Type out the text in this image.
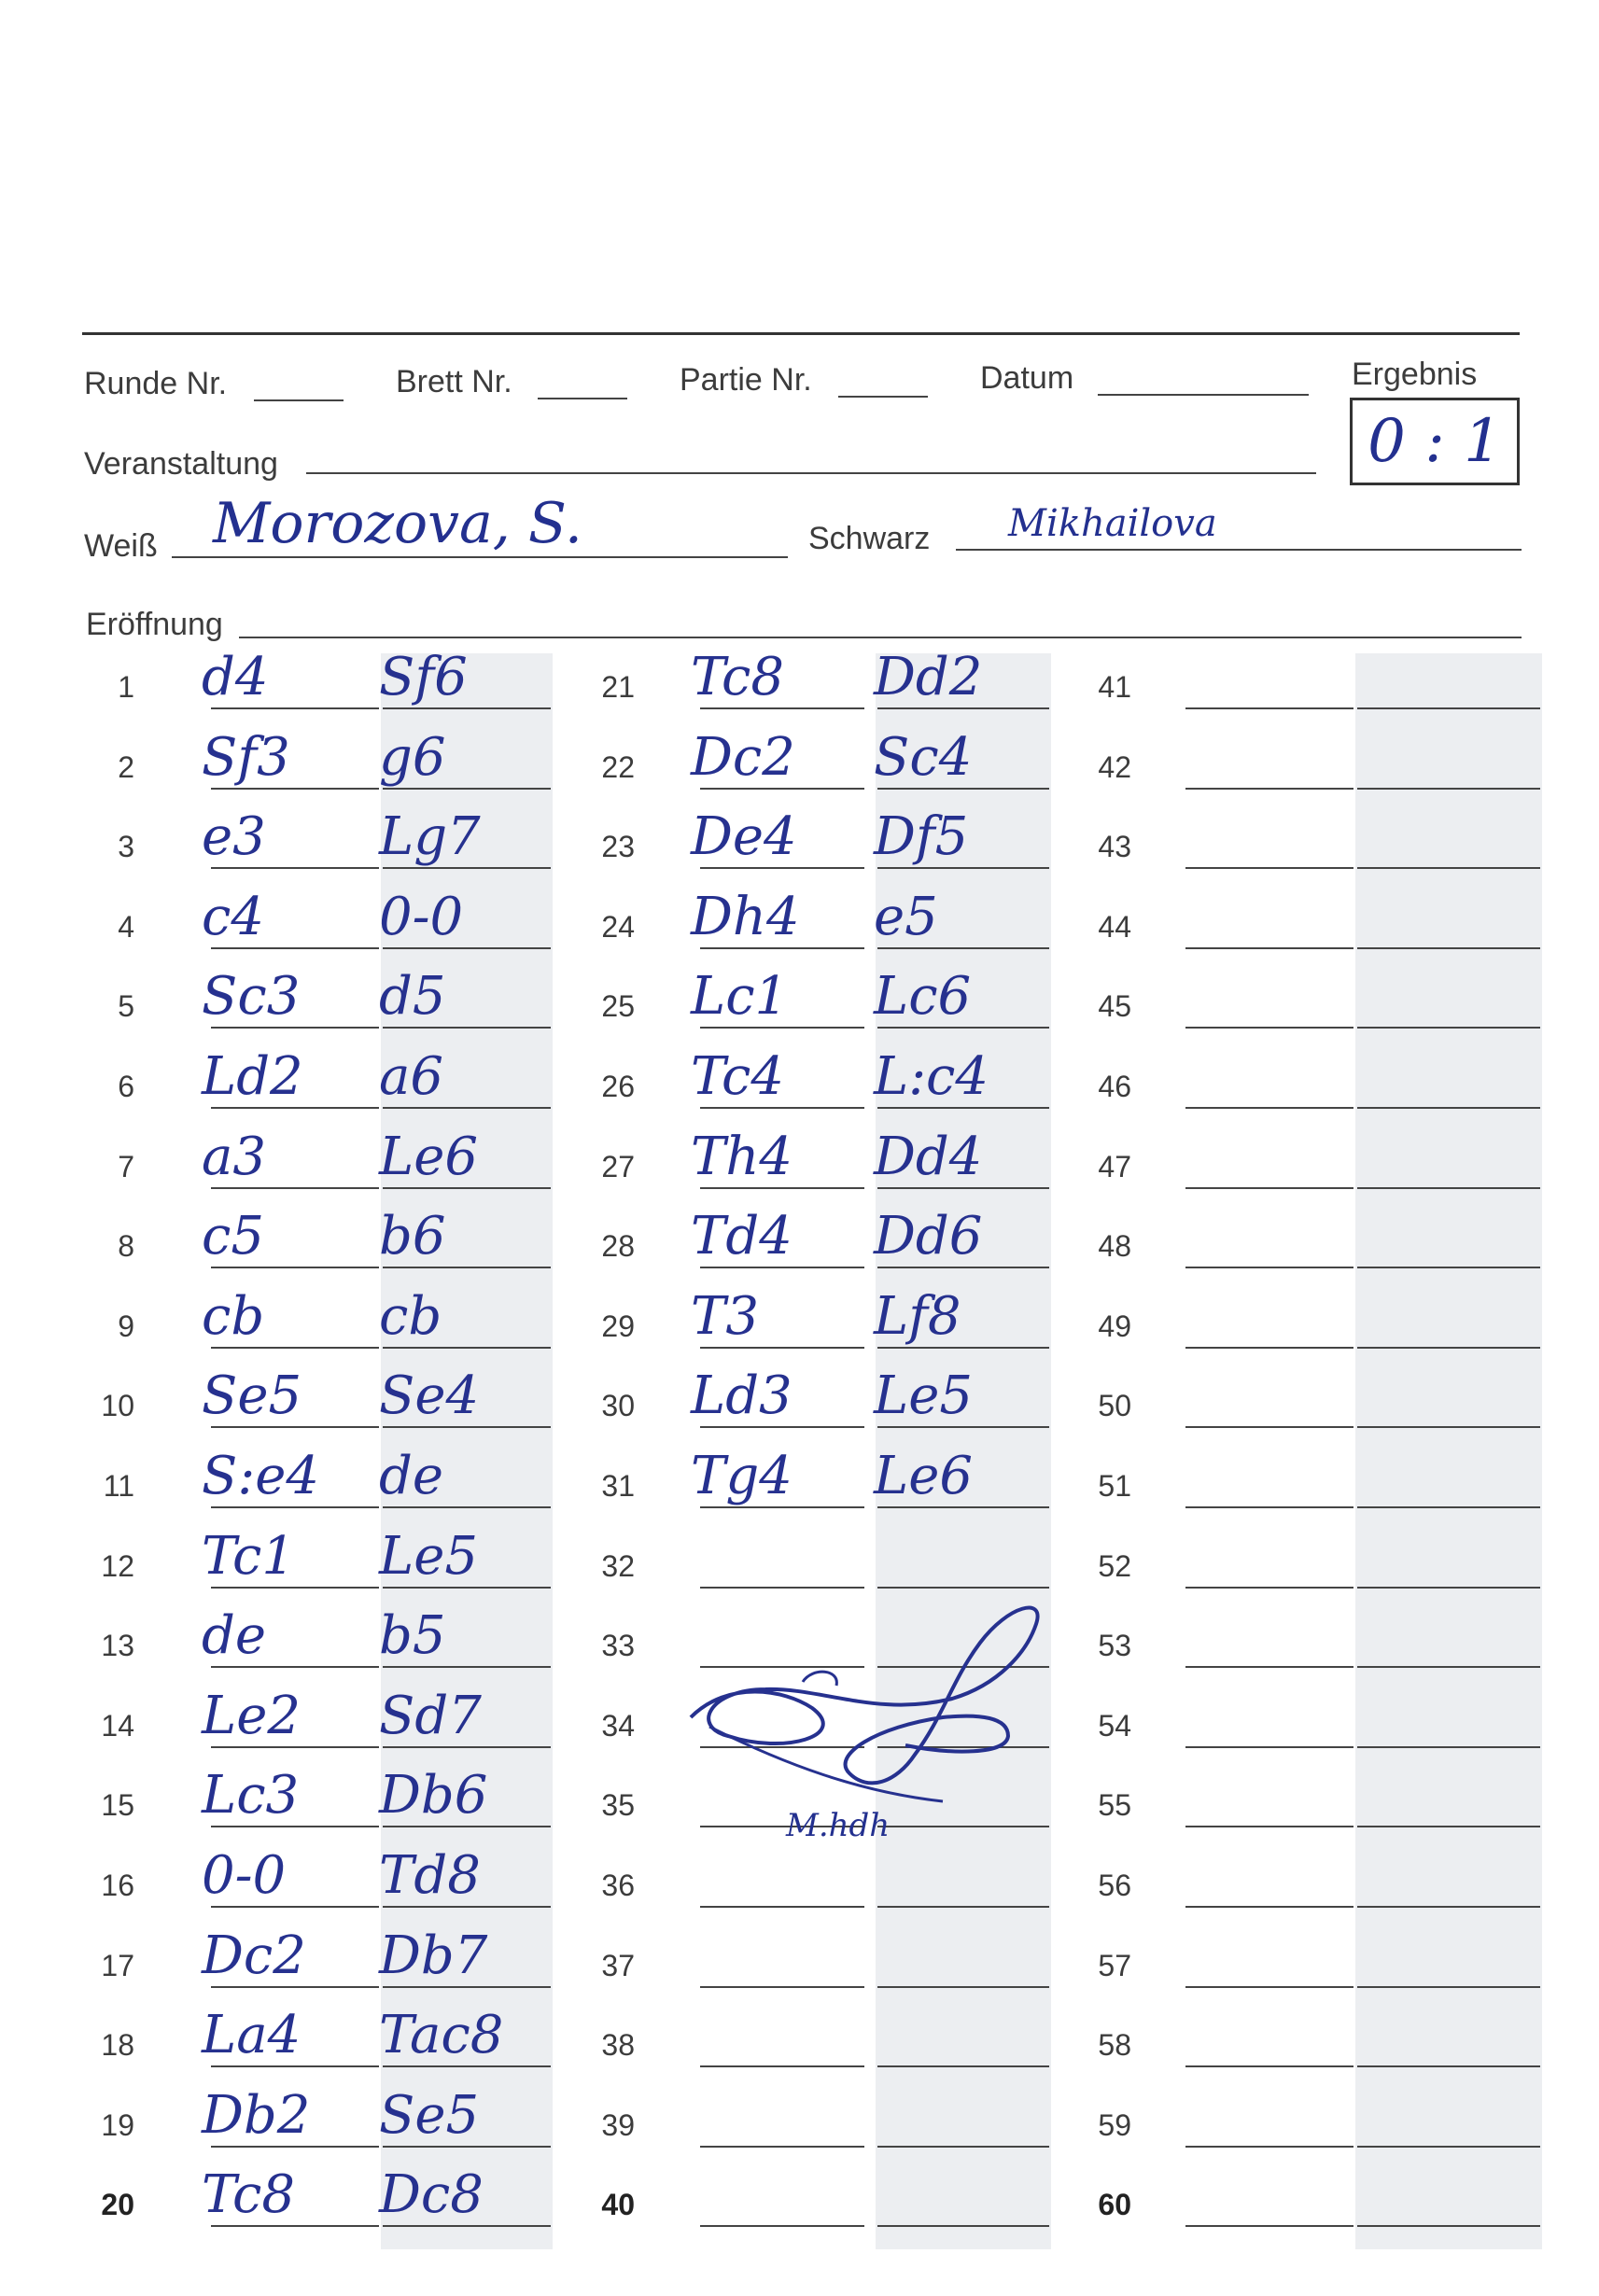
Runde Nr.	Brett Nr.	Partie Nr.	Datum	Ergebnis
0 : 1
Veranstaltung
Weiß Morozova, S.	Schwarz Mikhailova
Eröffnung
1 d4 Sf6
2 Sf3 g6
3 e3 Lg7
4 c4 0-0
5 Sc3 d5
6 Ld2 a6
7 a3 Le6
8 c5 b6
9 cb cb
10 Se5 Se4
11 S:e4 de
12 Tc1 Le5
13 de b5
14 Le2 Sd7
15 Lc3 Db6
16 0-0 Td8
17 Dc2 Db7
18 La4 Tac8
19 Db2 Se5
20 Tc8 Dc8
21 Tc8 Dd2
22 Dc2 Sc4
23 De4 Df5
24 Dh4 e5
25 Lc1 Lc6
26 Tc4 L:c4
27 Th4 Dd4
28 Td4 Dd6
29 T3 Lf8
30 Ld3 Le5
31 Tg4 Le6
32
33
34
35
36
37
38
39
40
41
42
43
44
45
46
47
48
49
50
51
52
53
54
55
56
57
58
59
60
M.hdh
